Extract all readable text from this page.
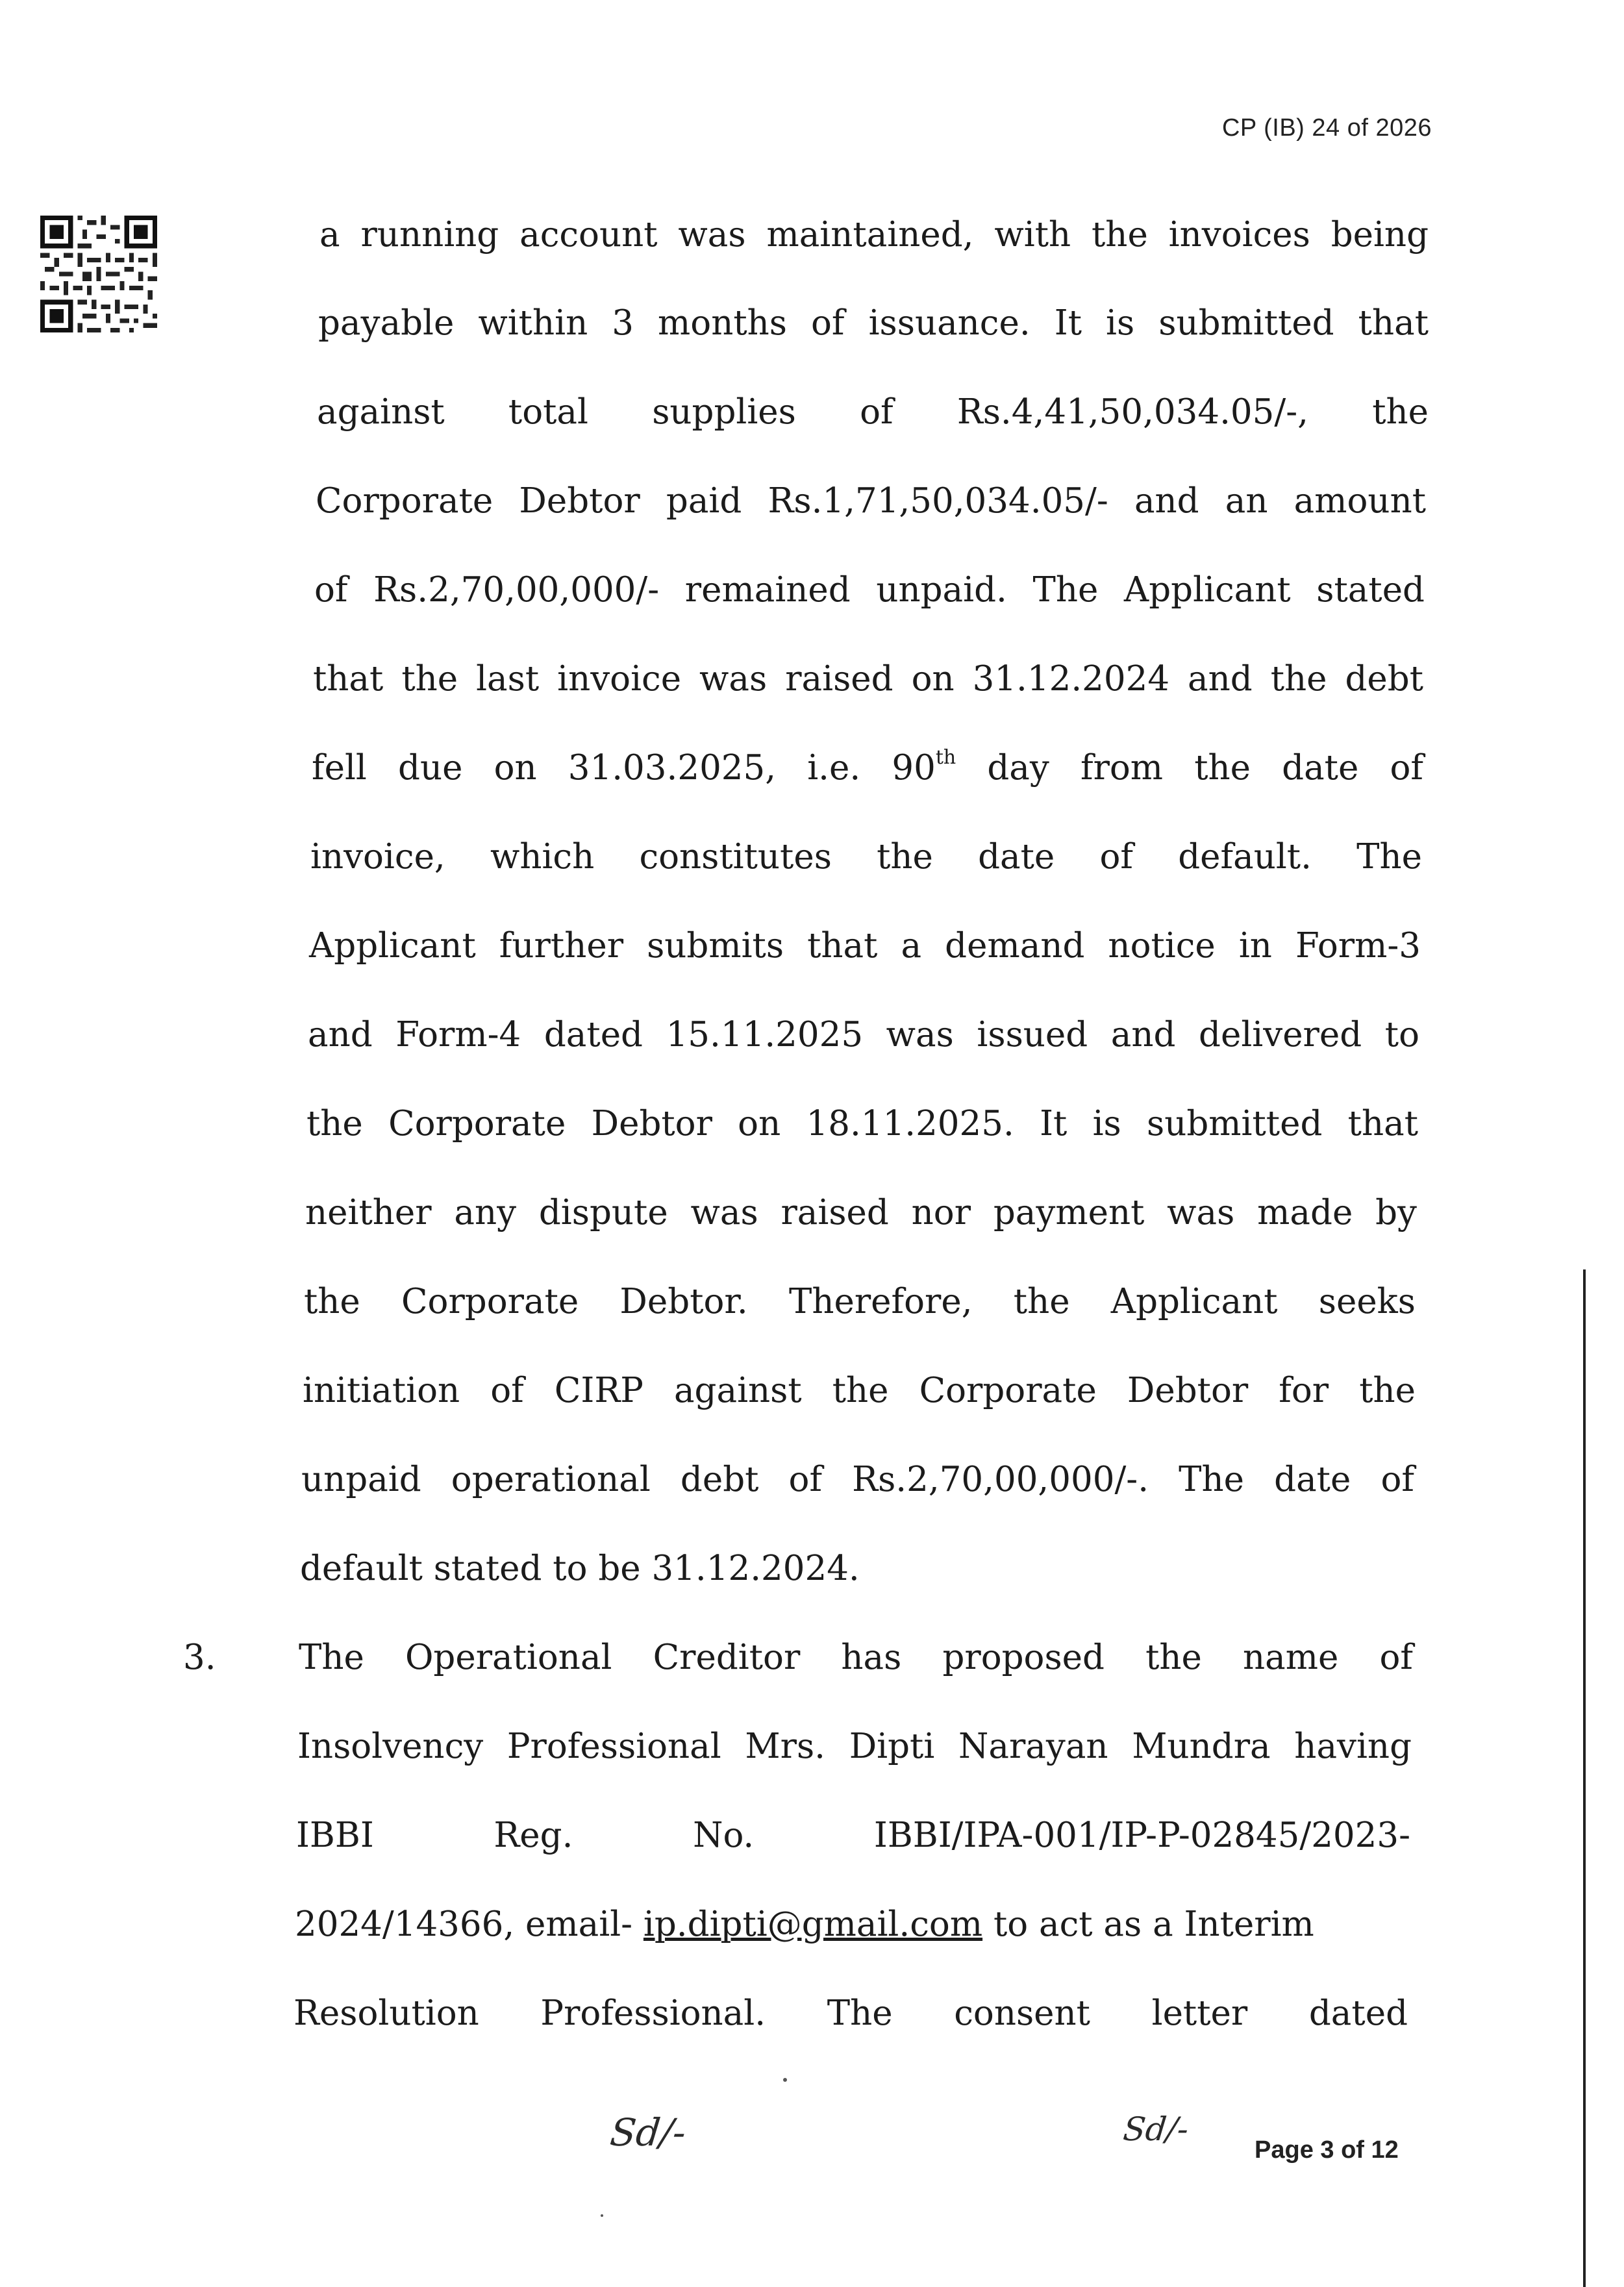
CP (IB) 24 of 2026
a running account was maintained, with the invoices being
payable within 3 months of issuance. It is submitted that
against total supplies of Rs.4,41,50,034.05/-, the
Corporate Debtor paid Rs.1,71,50,034.05/- and an amount
of Rs.2,70,00,000/- remained unpaid. The Applicant stated
that the last invoice was raised on 31.12.2024 and the debt
fell due on 31.03.2025, i.e. 90th day from the date of
invoice, which constitutes the date of default. The
Applicant further submits that a demand notice in Form-3
and Form-4 dated 15.11.2025 was issued and delivered to
the Corporate Debtor on 18.11.2025. It is submitted that
neither any dispute was raised nor payment was made by
the Corporate Debtor. Therefore, the Applicant seeks
initiation of CIRP against the Corporate Debtor for the
unpaid operational debt of Rs.2,70,00,000/-. The date of
default stated to be 31.12.2024.
3. The Operational Creditor has proposed the name of
Insolvency Professional Mrs. Dipti Narayan Mundra having
IBBI Reg. No. IBBI/IPA-001/IP-P-02845/2023-
2024/14366, email- ip.dipti@gmail.com to act as a Interim
Resolution Professional. The consent letter dated
Sd/-	Sd/-
Page 3 of 12
